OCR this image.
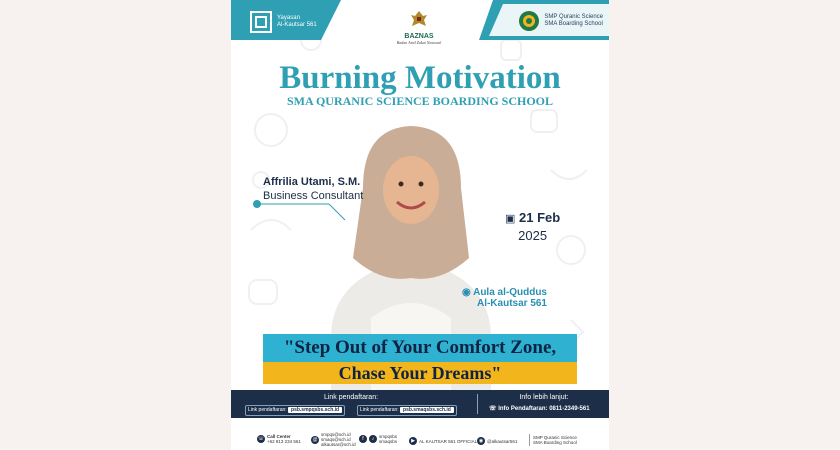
Yayasan
Al-Kautsar 561
BAZNAS
Badan Amil Zakat Nasional
SMP Quranic Science
SMA Boarding School
Burning Motivation
SMA QURANIC SCIENCE BOARDING SCHOOL
Affrilia Utami, S.M.
Business Consultant
▣ 21 Feb
2025
◉ Aula al-Quddus
Al-Kautsar 561
"Step Out of Your Comfort Zone,
Chase Your Dreams"
Link pendaftaran:
Link pendaftaran: psb.smpqsbs.sch.id	Link pendaftaran: psb.smaqsbs.sch.id
Info lebih lanjut:
☏ Info Pendaftaran: 0811-2349-561
☏ Call Center
+62 813 234 561 @
smpqs@sch.id
smaqs@sch.id
alkautsar@sch.id
f	♪	smpqsbs
smaqsbs	▶ AL KAUTSAR 561 OFFICIAL ◉ @alkautsar561
SMP Quranic Science
SMA Boarding School
